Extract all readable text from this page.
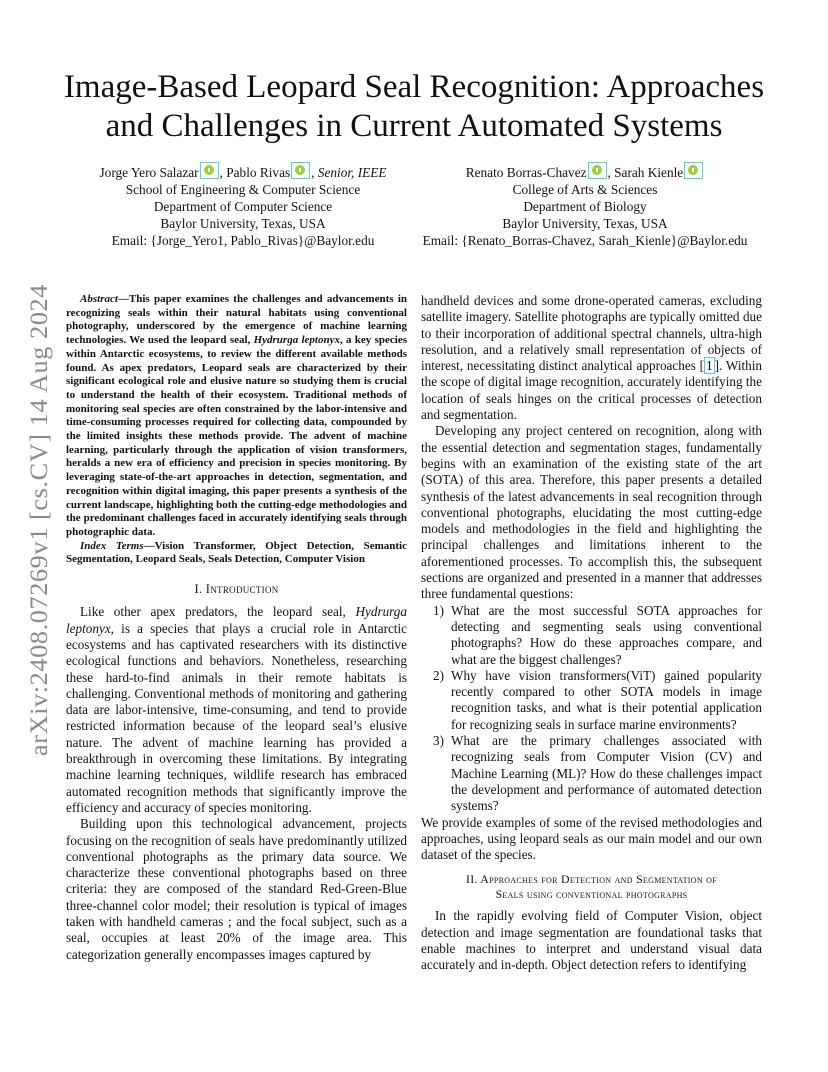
arXiv:2408.07269v1 [cs.CV] 14 Aug 2024
Image-Based Leopard Seal Recognition: Approaches
and Challenges in Current Automated Systems
Jorge Yero Salazar , Pablo Rivas , Senior, IEEE
School of Engineering & Computer Science
Department of Computer Science
Baylor University, Texas, USA
Email: {Jorge_Yero1, Pablo_Rivas}@Baylor.edu
Renato Borras-Chavez , Sarah Kienle
College of Arts & Sciences
Department of Biology
Baylor University, Texas, USA
Email: {Renato_Borras-Chavez, Sarah_Kienle}@Baylor.edu

Abstract—This paper examines the challenges and advancements in recognizing seals within their natural habitats using conventional photography, underscored by the emergence of machine learning technologies. We used the leopard seal, Hydrurga leptonyx, a key species within Antarctic ecosystems, to review the different available methods found. As apex predators, Leopard seals are characterized by their significant ecological role and elusive nature so studying them is crucial to understand the health of their ecosystem. Traditional methods of monitoring seal species are often constrained by the labor-intensive and time-consuming processes required for collecting data, compounded by the limited insights these methods provide. The advent of machine learning, particularly through the application of vision transformers, heralds a new era of efficiency and precision in species monitoring. By leveraging state-of-the-art approaches in detection, segmentation, and recognition within digital imaging, this paper presents a synthesis of the current landscape, highlighting both the cutting-edge methodologies and the predominant challenges faced in accurately identifying seals through photographic data.

Index Terms—Vision Transformer, Object Detection, Semantic Segmentation, Leopard Seals, Seals Detection, Computer Vision

I. Introduction

Like other apex predators, the leopard seal, Hydrurga leptonyx, is a species that plays a crucial role in Antarctic ecosystems and has captivated researchers with its distinctive ecological functions and behaviors. Nonetheless, researching these hard-to-find animals in their remote habitats is challenging. Conventional methods of monitoring and gathering data are labor-intensive, time-consuming, and tend to provide restricted information because of the leopard seal’s elusive nature. The advent of machine learning has provided a breakthrough in overcoming these limitations. By integrating machine learning techniques, wildlife research has embraced automated recognition methods that significantly improve the efficiency and accuracy of species monitoring.

Building upon this technological advancement, projects focusing on the recognition of seals have predominantly utilized conventional photographs as the primary data source. We characterize these conventional photographs based on three criteria: they are composed of the standard Red-Green-Blue three-channel color model; their resolution is typical of images taken with handheld cameras ; and the focal subject, such as a seal, occupies at least 20% of the image area. This categorization generally encompasses images captured by

handheld devices and some drone-operated cameras, excluding satellite imagery. Satellite photographs are typically omitted due to their incorporation of additional spectral channels, ultra-high resolution, and a relatively small representation of objects of interest, necessitating distinct analytical approaches [ 1 ]. Within the scope of digital image recognition, accurately identifying the location of seals hinges on the critical processes of detection and segmentation.

Developing any project centered on recognition, along with the essential detection and segmentation stages, fundamentally begins with an examination of the existing state of the art (SOTA) of this area. Therefore, this paper presents a detailed synthesis of the latest advancements in seal recognition through conventional photographs, elucidating the most cutting-edge models and methodologies in the field and highlighting the principal challenges and limitations inherent to the aforementioned processes. To accomplish this, the subsequent sections are organized and presented in a manner that addresses three fundamental questions:

1) What are the most successful SOTA approaches for detecting and segmenting seals using conventional photographs? How do these approaches compare, and what are the biggest challenges?
2) Why have vision transformers(ViT) gained popularity recently compared to other SOTA models in image recognition tasks, and what is their potential application for recognizing seals in surface marine environments?
3) What are the primary challenges associated with recognizing seals from Computer Vision (CV) and Machine Learning (ML)? How do these challenges impact the development and performance of automated detection systems?

We provide examples of some of the revised methodologies and approaches, using leopard seals as our main model and our own dataset of the species.

II. Approaches for Detection and Segmentation of
Seals using conventional photographs

In the rapidly evolving field of Computer Vision, object detection and image segmentation are foundational tasks that enable machines to interpret and understand visual data accurately and in-depth. Object detection refers to identifying
